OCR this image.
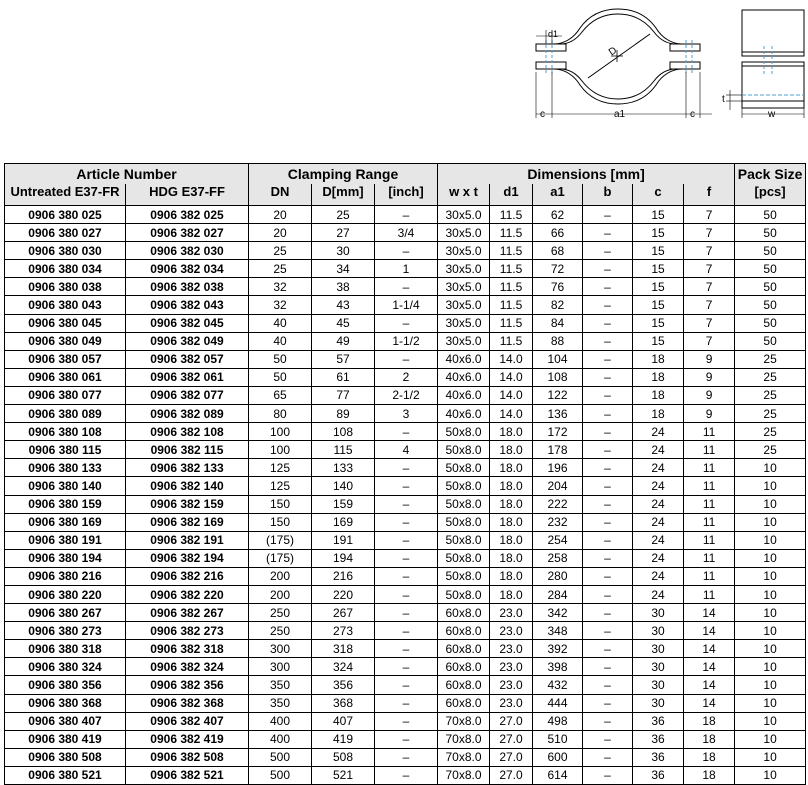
D
d1
c	a1	c
t
w
Article Number		Clamping Range			Dimensions [mm]						Pack Size
Untreated E37-FR	HDG E37-FF	DN	D[mm]	[inch]	w x t	d1	a1	b	c	f	[pcs]
0906 380 025	0906 382 025	20	25	–	30x5.0	11.5	62	–	15	7	50
0906 380 027	0906 382 027	20	27	3/4	30x5.0	11.5	66	–	15	7	50
0906 380 030	0906 382 030	25	30	–	30x5.0	11.5	68	–	15	7	50
0906 380 034	0906 382 034	25	34	1	30x5.0	11.5	72	–	15	7	50
0906 380 038	0906 382 038	32	38	–	30x5.0	11.5	76	–	15	7	50
0906 380 043	0906 382 043	32	43	1-1/4	30x5.0	11.5	82	–	15	7	50
0906 380 045	0906 382 045	40	45	–	30x5.0	11.5	84	–	15	7	50
0906 380 049	0906 382 049	40	49	1-1/2	30x5.0	11.5	88	–	15	7	50
0906 380 057	0906 382 057	50	57	–	40x6.0	14.0	104	–	18	9	25
0906 380 061	0906 382 061	50	61	2	40x6.0	14.0	108	–	18	9	25
0906 380 077	0906 382 077	65	77	2-1/2	40x6.0	14.0	122	–	18	9	25
0906 380 089	0906 382 089	80	89	3	40x6.0	14.0	136	–	18	9	25
0906 380 108	0906 382 108	100	108	–	50x8.0	18.0	172	–	24	11	25
0906 380 115	0906 382 115	100	115	4	50x8.0	18.0	178	–	24	11	25
0906 380 133	0906 382 133	125	133	–	50x8.0	18.0	196	–	24	11	10
0906 380 140	0906 382 140	125	140	–	50x8.0	18.0	204	–	24	11	10
0906 380 159	0906 382 159	150	159	–	50x8.0	18.0	222	–	24	11	10
0906 380 169	0906 382 169	150	169	–	50x8.0	18.0	232	–	24	11	10
0906 380 191	0906 382 191	(175)	191	–	50x8.0	18.0	254	–	24	11	10
0906 380 194	0906 382 194	(175)	194	–	50x8.0	18.0	258	–	24	11	10
0906 380 216	0906 382 216	200	216	–	50x8.0	18.0	280	–	24	11	10
0906 380 220	0906 382 220	200	220	–	50x8.0	18.0	284	–	24	11	10
0906 380 267	0906 382 267	250	267	–	60x8.0	23.0	342	–	30	14	10
0906 380 273	0906 382 273	250	273	–	60x8.0	23.0	348	–	30	14	10
0906 380 318	0906 382 318	300	318	–	60x8.0	23.0	392	–	30	14	10
0906 380 324	0906 382 324	300	324	–	60x8.0	23.0	398	–	30	14	10
0906 380 356	0906 382 356	350	356	–	60x8.0	23.0	432	–	30	14	10
0906 380 368	0906 382 368	350	368	–	60x8.0	23.0	444	–	30	14	10
0906 380 407	0906 382 407	400	407	–	70x8.0	27.0	498	–	36	18	10
0906 380 419	0906 382 419	400	419	–	70x8.0	27.0	510	–	36	18	10
0906 380 508	0906 382 508	500	508	–	70x8.0	27.0	600	–	36	18	10
0906 380 521	0906 382 521	500	521	–	70x8.0	27.0	614	–	36	18	10
